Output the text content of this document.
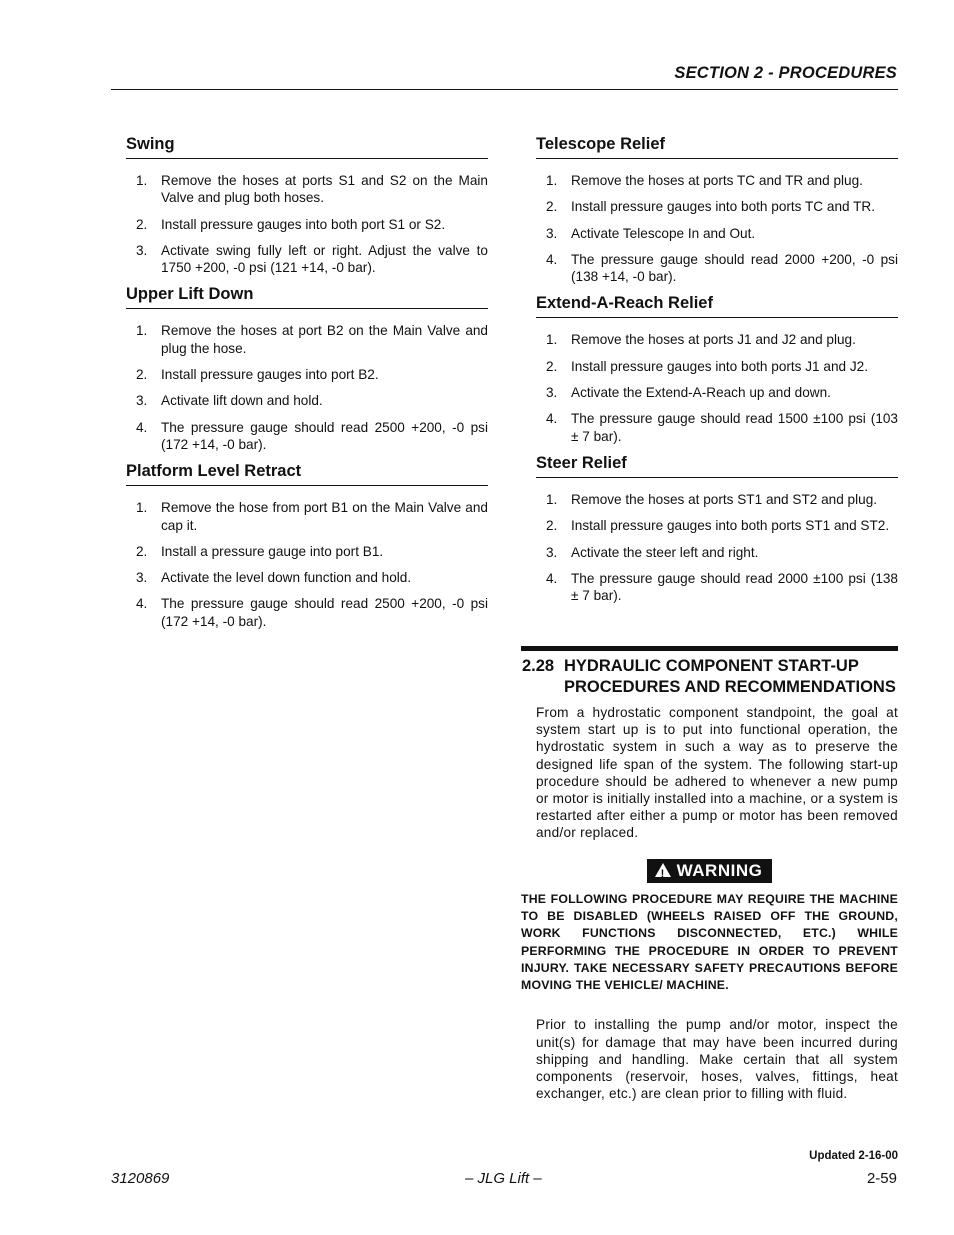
SECTION 2 - PROCEDURES
Swing
1. Remove the hoses at ports S1 and S2 on the Main Valve and plug both hoses.
2. Install pressure gauges into both port S1 or S2.
3. Activate swing fully left or right. Adjust the valve to 1750 +200, -0 psi (121 +14, -0 bar).
Upper Lift Down
1. Remove the hoses at port B2 on the Main Valve and plug the hose.
2. Install pressure gauges into port B2.
3. Activate lift down and hold.
4. The pressure gauge should read 2500 +200, -0 psi (172 +14, -0 bar).
Platform Level Retract
1. Remove the hose from port B1 on the Main Valve and cap it.
2. Install a pressure gauge into port B1.
3. Activate the level down function and hold.
4. The pressure gauge should read 2500 +200, -0 psi (172 +14, -0 bar).
Telescope Relief
1. Remove the hoses at ports TC and TR and plug.
2. Install pressure gauges into both ports TC and TR.
3. Activate Telescope In and Out.
4. The pressure gauge should read 2000 +200, -0 psi (138 +14, -0 bar).
Extend-A-Reach Relief
1. Remove the hoses at ports J1 and J2 and plug.
2. Install pressure gauges into both ports J1 and J2.
3. Activate the Extend-A-Reach up and down.
4. The pressure gauge should read 1500 ±100 psi (103 ± 7 bar).
Steer Relief
1. Remove the hoses at ports ST1 and ST2 and plug.
2. Install pressure gauges into both ports ST1 and ST2.
3. Activate the steer left and right.
4. The pressure gauge should read 2000 ±100 psi (138 ± 7 bar).
2.28 HYDRAULIC COMPONENT START-UP PROCEDURES AND RECOMMENDATIONS
From a hydrostatic component standpoint, the goal at system start up is to put into functional operation, the hydrostatic system in such a way as to preserve the designed life span of the system. The following start-up procedure should be adhered to whenever a new pump or motor is initially installed into a machine, or a system is restarted after either a pump or motor has been removed and/or replaced.
!WARNING
THE FOLLOWING PROCEDURE MAY REQUIRE THE MACHINE TO BE DISABLED (WHEELS RAISED OFF THE GROUND, WORK FUNCTIONS DISCONNECTED, ETC.) WHILE PERFORMING THE PROCEDURE IN ORDER TO PREVENT INJURY. TAKE NECESSARY SAFETY PRECAUTIONS BEFORE MOVING THE VEHICLE/ MACHINE.
Prior to installing the pump and/or motor, inspect the unit(s) for damage that may have been incurred during shipping and handling. Make certain that all system components (reservoir, hoses, valves, fittings, heat exchanger, etc.) are clean prior to filling with fluid.
Updated 2-16-00
3120869	– JLG Lift –	2-59
